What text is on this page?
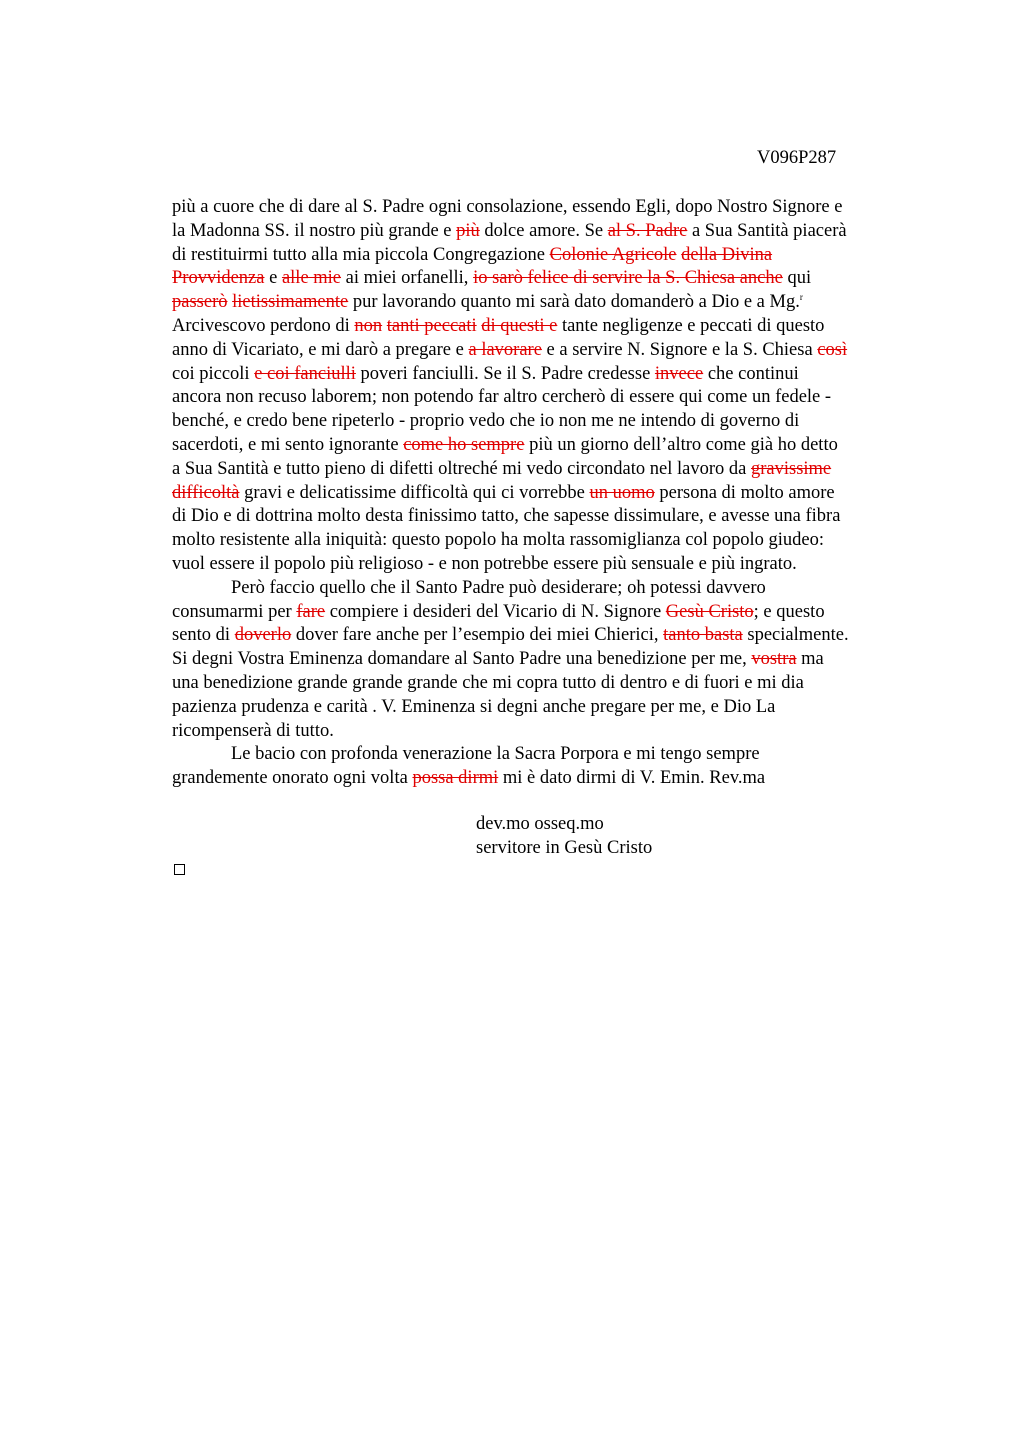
V096P287

più a cuore che di dare al S. Padre ogni consolazione, essendo Egli, dopo Nostro Signore e
la Madonna SS. il nostro più grande e più dolce amore. Se al S. Padre a Sua Santità piacerà
di restituirmi tutto alla mia piccola Congregazione Colonie Agricole della Divina
Provvidenza e alle mie ai miei orfanelli, io sarò felice di servire la S. Chiesa anche qui
passerò lietissimamente pur lavorando quanto mi sarà dato domanderò a Dio e a Mg.$^r$
Arcivescovo perdono di non tanti peccati di questi e tante negligenze e peccati di questo
anno di Vicariato, e mi darò a pregare e a lavorare e a servire N. Signore e la S. Chiesa così
coi piccoli e coi fanciulli poveri fanciulli. Se il S. Padre credesse invece che continui
ancora non recuso laborem; non potendo far altro cercherò di essere qui come un fedele -
benché, e credo bene ripeterlo - proprio vedo che io non me ne intendo di governo di
sacerdoti, e mi sento ignorante come ho sempre più un giorno dell’altro come già ho detto
a Sua Santità e tutto pieno di difetti oltreché mi vedo circondato nel lavoro da gravissime
difficoltà gravi e delicatissime difficoltà qui ci vorrebbe un uomo persona di molto amore
di Dio e di dottrina molto desta finissimo tatto, che sapesse dissimulare, e avesse una fibra
molto resistente alla iniquità: questo popolo ha molta rassomiglianza col popolo giudeo:
vuol essere il popolo più religioso - e non potrebbe essere più sensuale e più ingrato.

Però faccio quello che il Santo Padre può desiderare; oh potessi davvero
consumarmi per fare compiere i desideri del Vicario di N. Signore Gesù Cristo; e questo
sento di doverlo dover fare anche per l’esempio dei miei Chierici, tanto basta specialmente.
Si degni Vostra Eminenza domandare al Santo Padre una benedizione per me, vostra ma
una benedizione grande grande grande che mi copra tutto di dentro e di fuori e mi dia
pazienza prudenza e carità . V. Eminenza si degni anche pregare per me, e Dio La
ricompenserà di tutto.

Le bacio con profonda venerazione la Sacra Porpora e mi tengo sempre
grandemente onorato ogni volta possa dirmi mi è dato dirmi di V. Emin. Rev.ma

dev.mo osseq.mo
servitore in Gesù Cristo
